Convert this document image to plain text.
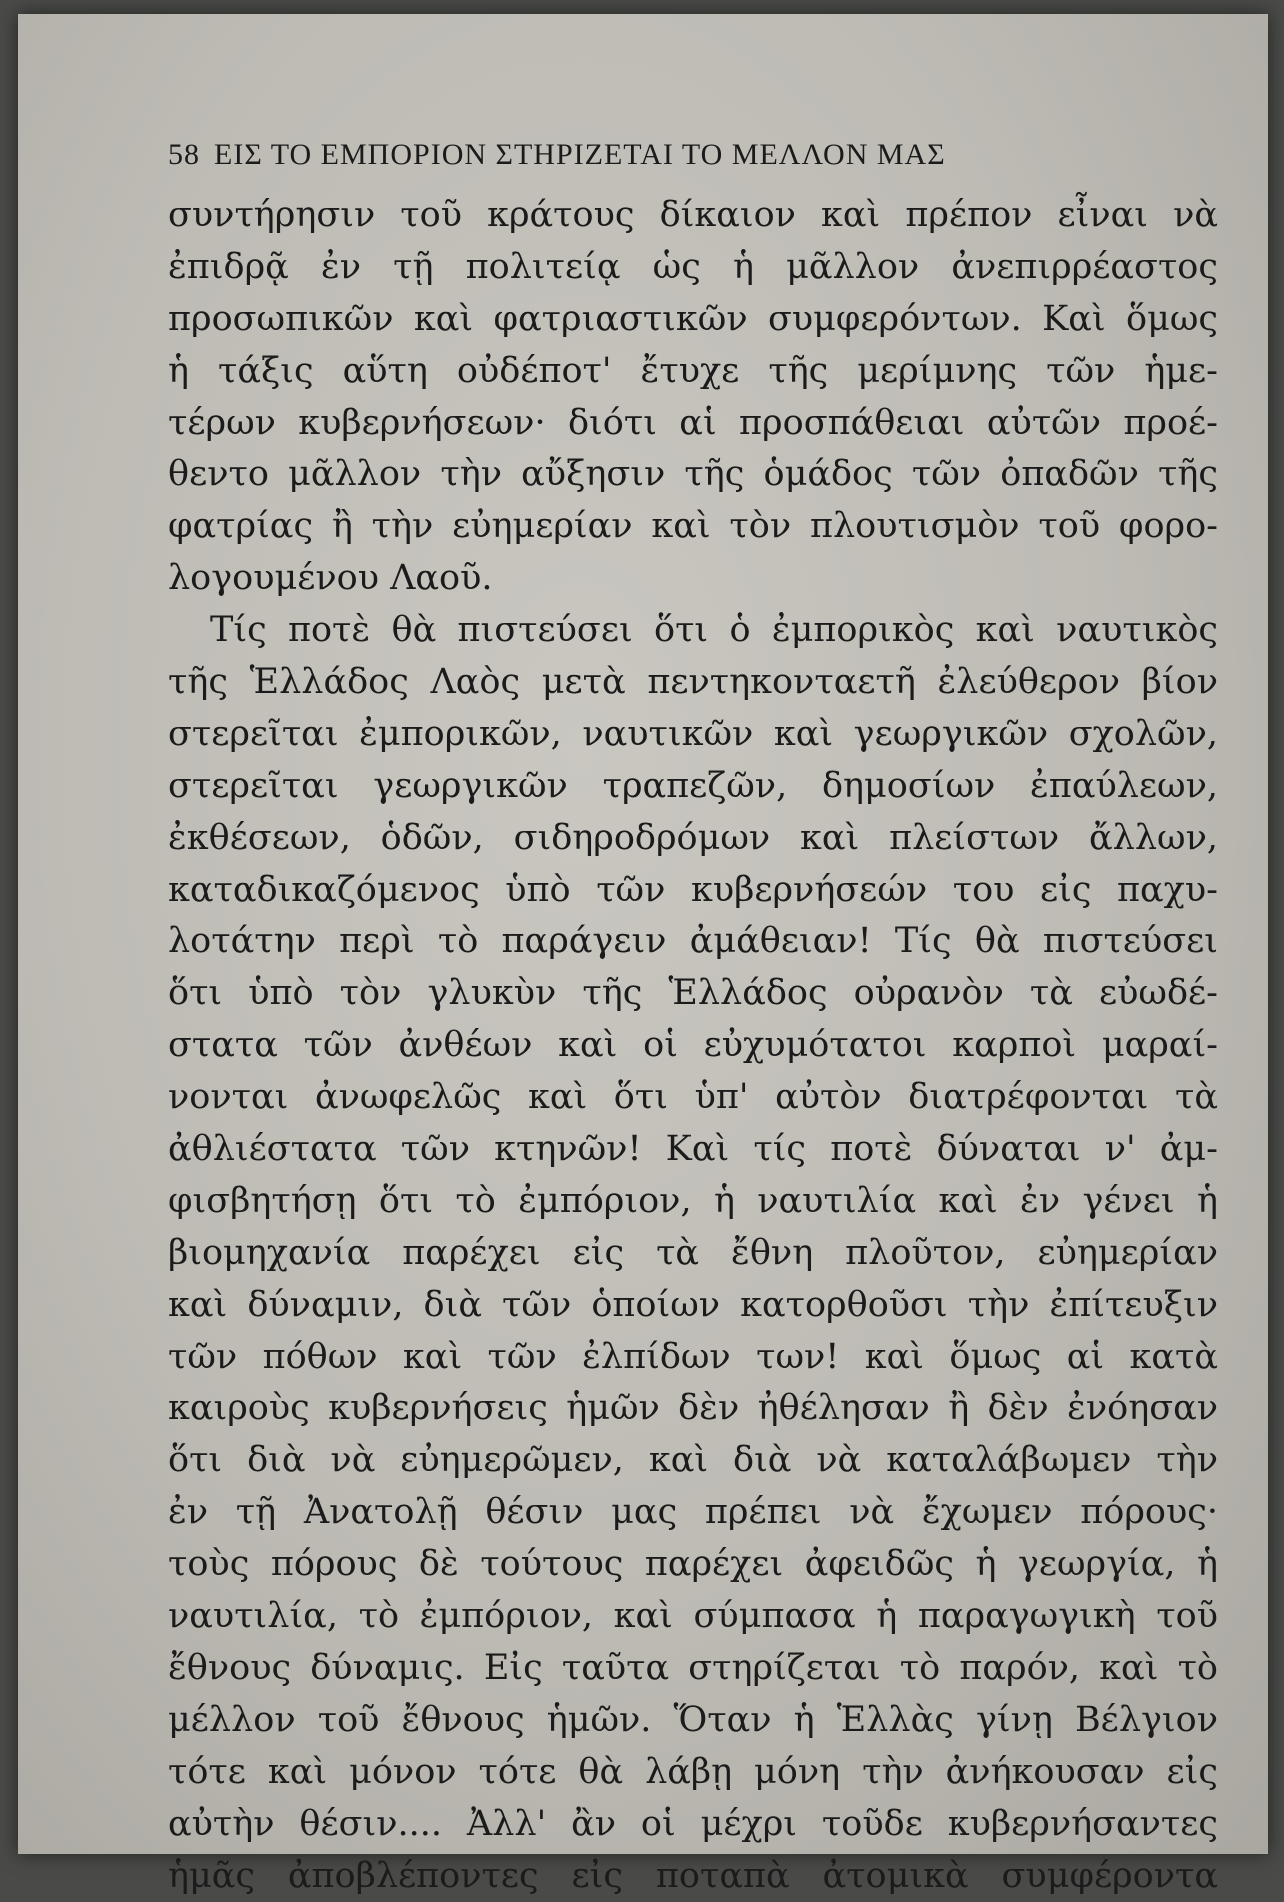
58 ΕΙΣ ΤΟ ΕΜΠΟΡΙΟΝ ΣΤΗΡΙΖΕΤΑΙ ΤΟ ΜΕΛΛΟΝ ΜΑΣ
συντήρησιν τοῦ κράτους δίκαιον καὶ πρέπον εἶναι νὰ
ἐπιδρᾷ ἐν τῇ πολιτείᾳ ὡς ἡ μᾶλλον ἀνεπιρρέαστος
προσωπικῶν καὶ φατριαστικῶν συμφερόντων. Καὶ ὅμως
ἡ τάξις αὕτη οὐδέποτ' ἔτυχε τῆς μερίμνης τῶν ἡμε-
τέρων κυβερνήσεων· διότι αἱ προσπάθειαι αὐτῶν προέ-
θεντο μᾶλλον τὴν αὔξησιν τῆς ὁμάδος τῶν ὀπαδῶν τῆς
φατρίας ἢ τὴν εὐημερίαν καὶ τὸν πλουτισμὸν τοῦ φορο-
λογουμένου Λαοῦ.
Τίς ποτὲ θὰ πιστεύσει ὅτι ὁ ἐμπορικὸς καὶ ναυτικὸς
τῆς Ἑλλάδος Λαὸς μετὰ πεντηκονταετῆ ἐλεύθερον βίον
στερεῖται ἐμπορικῶν, ναυτικῶν καὶ γεωργικῶν σχολῶν,
στερεῖται γεωργικῶν τραπεζῶν, δημοσίων ἐπαύλεων,
ἐκθέσεων, ὁδῶν, σιδηροδρόμων καὶ πλείστων ἄλλων,
καταδικαζόμενος ὑπὸ τῶν κυβερνήσεών του εἰς παχυ-
λοτάτην περὶ τὸ παράγειν ἀμάθειαν! Τίς θὰ πιστεύσει
ὅτι ὑπὸ τὸν γλυκὺν τῆς Ἑλλάδος οὐρανὸν τὰ εὐωδέ-
στατα τῶν ἀνθέων καὶ οἱ εὐχυμότατοι καρποὶ μαραί-
νονται ἀνωφελῶς καὶ ὅτι ὑπ' αὐτὸν διατρέφονται τὰ
ἀθλιέστατα τῶν κτηνῶν! Καὶ τίς ποτὲ δύναται ν' ἀμ-
φισβητήσῃ ὅτι τὸ ἐμπόριον, ἡ ναυτιλία καὶ ἐν γένει ἡ
βιομηχανία παρέχει εἰς τὰ ἔθνη πλοῦτον, εὐημερίαν
καὶ δύναμιν, διὰ τῶν ὁποίων κατορθοῦσι τὴν ἐπίτευξιν
τῶν πόθων καὶ τῶν ἐλπίδων των! καὶ ὅμως αἱ κατὰ
καιροὺς κυβερνήσεις ἡμῶν δὲν ἠθέλησαν ἢ δὲν ἐνόησαν
ὅτι διὰ νὰ εὐημερῶμεν, καὶ διὰ νὰ καταλάβωμεν τὴν
ἐν τῇ Ἀνατολῇ θέσιν μας πρέπει νὰ ἔχωμεν πόρους·
τοὺς πόρους δὲ τούτους παρέχει ἀφειδῶς ἡ γεωργία, ἡ
ναυτιλία, τὸ ἐμπόριον, καὶ σύμπασα ἡ παραγωγικὴ τοῦ
ἔθνους δύναμις. Εἰς ταῦτα στηρίζεται τὸ παρόν, καὶ τὸ
μέλλον τοῦ ἔθνους ἡμῶν. Ὅταν ἡ Ἑλλὰς γίνῃ Βέλγιον
τότε καὶ μόνον τότε θὰ λάβῃ μόνη τὴν ἀνήκουσαν εἰς
αὐτὴν θέσιν.... Ἀλλ' ἂν οἱ μέχρι τοῦδε κυβερνήσαντες
ἡμᾶς ἀποβλέποντες εἰς ποταπὰ ἀτομικὰ συμφέροντα
